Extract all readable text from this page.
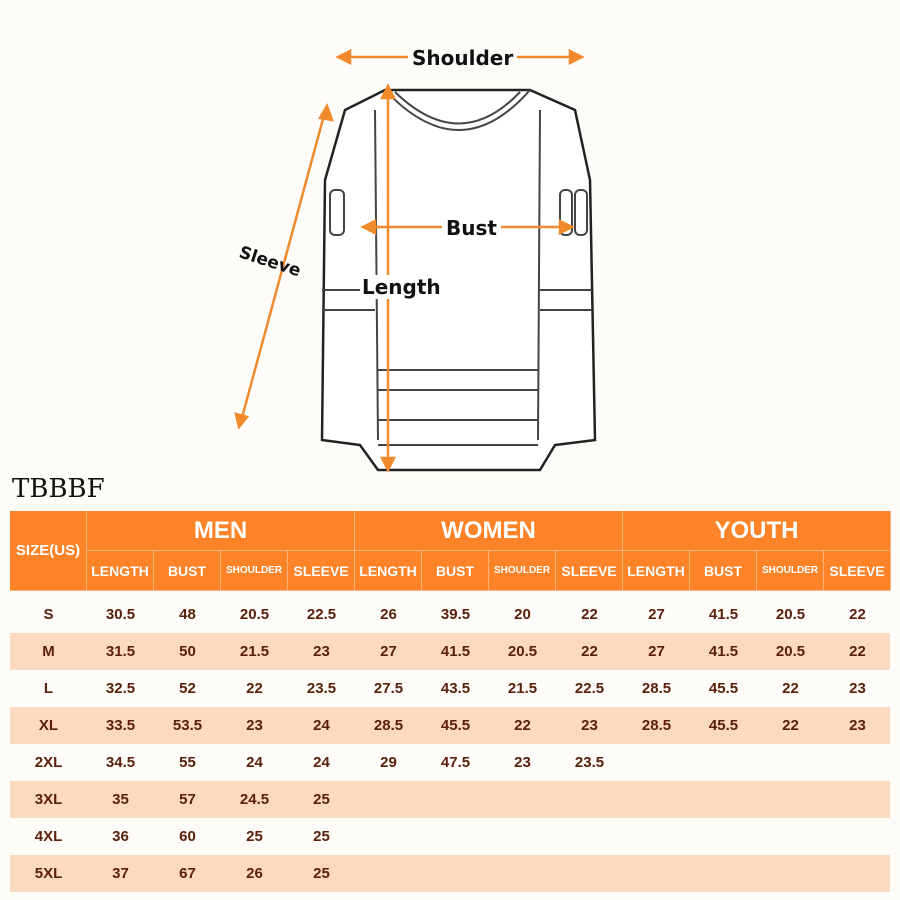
Shoulder
Bust
Length
Sleeve
TBBBF
SIZE(US)
MEN
LENGTH	BUST	SHOULDER SLEEVE
WOMEN
LENGTH	BUST	SHOULDER SLEEVE
YOUTH
LENGTH	BUST	SHOULDER SLEEVE
S	30.5	48	20.5	22.5	26	39.5	20	22	27	41.5	20.5	22
M	31.5	50	21.5	23	27	41.5	20.5	22	27	41.5	20.5	22
L	32.5	52	22	23.5	27.5	43.5	21.5	22.5	28.5	45.5	22	23
XL	33.5	53.5	23	24	28.5	45.5	22	23	28.5	45.5	22	23
2XL	34.5	55	24	24	29	47.5	23	23.5
3XL	35	57	24.5	25
4XL	36	60	25	25
5XL	37	67	26	25
